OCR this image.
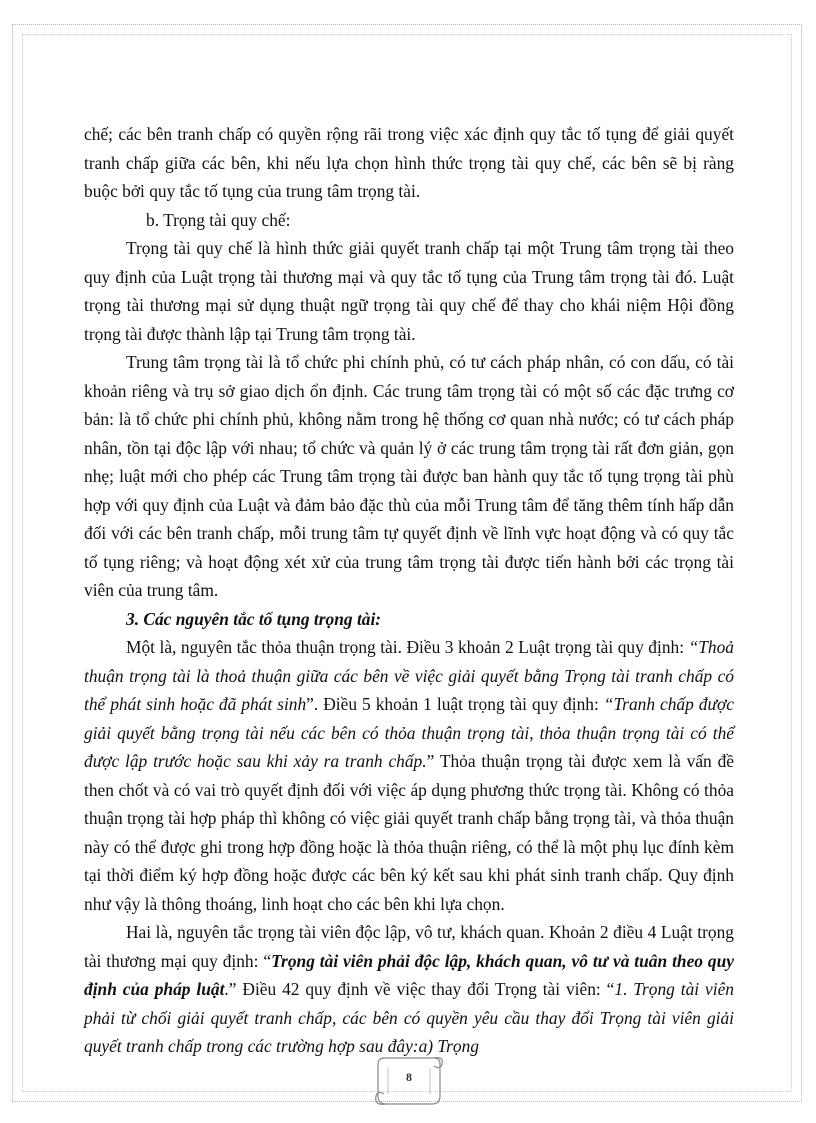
chế; các bên tranh chấp có quyền rộng rãi trong việc xác định quy tắc tố tụng để giải quyết tranh chấp giữa các bên, khi nếu lựa chọn hình thức trọng tài quy chế, các bên sẽ bị ràng buộc bởi quy tắc tố tụng của trung tâm trọng tài.

b. Trọng tài quy chế:

Trọng tài quy chế là hình thức giải quyết tranh chấp tại một Trung tâm trọng tài theo quy định của Luật trọng tài thương mại và quy tắc tố tụng của Trung tâm trọng tài đó. Luật trọng tài thương mại sử dụng thuật ngữ trọng tài quy chế để thay cho khái niệm Hội đồng trọng tài được thành lập tại Trung tâm trọng tài.

Trung tâm trọng tài là tổ chức phi chính phủ, có tư cách pháp nhân, có con dấu, có tài khoản riêng và trụ sở giao dịch ổn định. Các trung tâm trọng tài có một số các đặc trưng cơ bản: là tổ chức phi chính phủ, không nằm trong hệ thống cơ quan nhà nước; có tư cách pháp nhân, tồn tại độc lập với nhau; tổ chức và quản lý ở các trung tâm trọng tài rất đơn giản, gọn nhẹ; luật mới cho phép các Trung tâm trọng tài được ban hành quy tắc tố tụng trọng tài phù hợp với quy định của Luật và đảm bảo đặc thù của mỗi Trung tâm để tăng thêm tính hấp dẫn đối với các bên tranh chấp, mỗi trung tâm tự quyết định về lĩnh vực hoạt động và có quy tắc tố tụng riêng; và hoạt động xét xử của trung tâm trọng tài được tiến hành bởi các trọng tài viên của trung tâm.

3. Các nguyên tắc tố tụng trọng tài:

Một là, nguyên tắc thỏa thuận trọng tài. Điều 3 khoản 2 Luật trọng tài quy định: “Thoả thuận trọng tài là thoả thuận giữa các bên về việc giải quyết bằng Trọng tài tranh chấp có thể phát sinh hoặc đã phát sinh”. Điều 5 khoản 1 luật trọng tài quy định: “Tranh chấp được giải quyết bằng trọng tài nếu các bên có thỏa thuận trọng tài, thỏa thuận trọng tài có thể được lập trước hoặc sau khi xảy ra tranh chấp.” Thỏa thuận trọng tài được xem là vấn đề then chốt và có vai trò quyết định đối với việc áp dụng phương thức trọng tài. Không có thỏa thuận trọng tài hợp pháp thì không có việc giải quyết tranh chấp bằng trọng tài, và thỏa thuận này có thể được ghi trong hợp đồng hoặc là thỏa thuận riêng, có thể là một phụ lục đính kèm tại thời điểm ký hợp đồng hoặc được các bên ký kết sau khi phát sinh tranh chấp. Quy định như vậy là thông thoáng, linh hoạt cho các bên khi lựa chọn.

Hai là, nguyên tắc trọng tài viên độc lập, vô tư, khách quan. Khoản 2 điều 4 Luật trọng tài thương mại quy định: “Trọng tài viên phải độc lập, khách quan, vô tư và tuân theo quy định của pháp luật.” Điều 42 quy định về việc thay đổi Trọng tài viên: “1. Trọng tài viên phải từ chối giải quyết tranh chấp, các bên có quyền yêu cầu thay đổi Trọng tài viên giải quyết tranh chấp trong các trường hợp sau đây:a) Trọng

8
